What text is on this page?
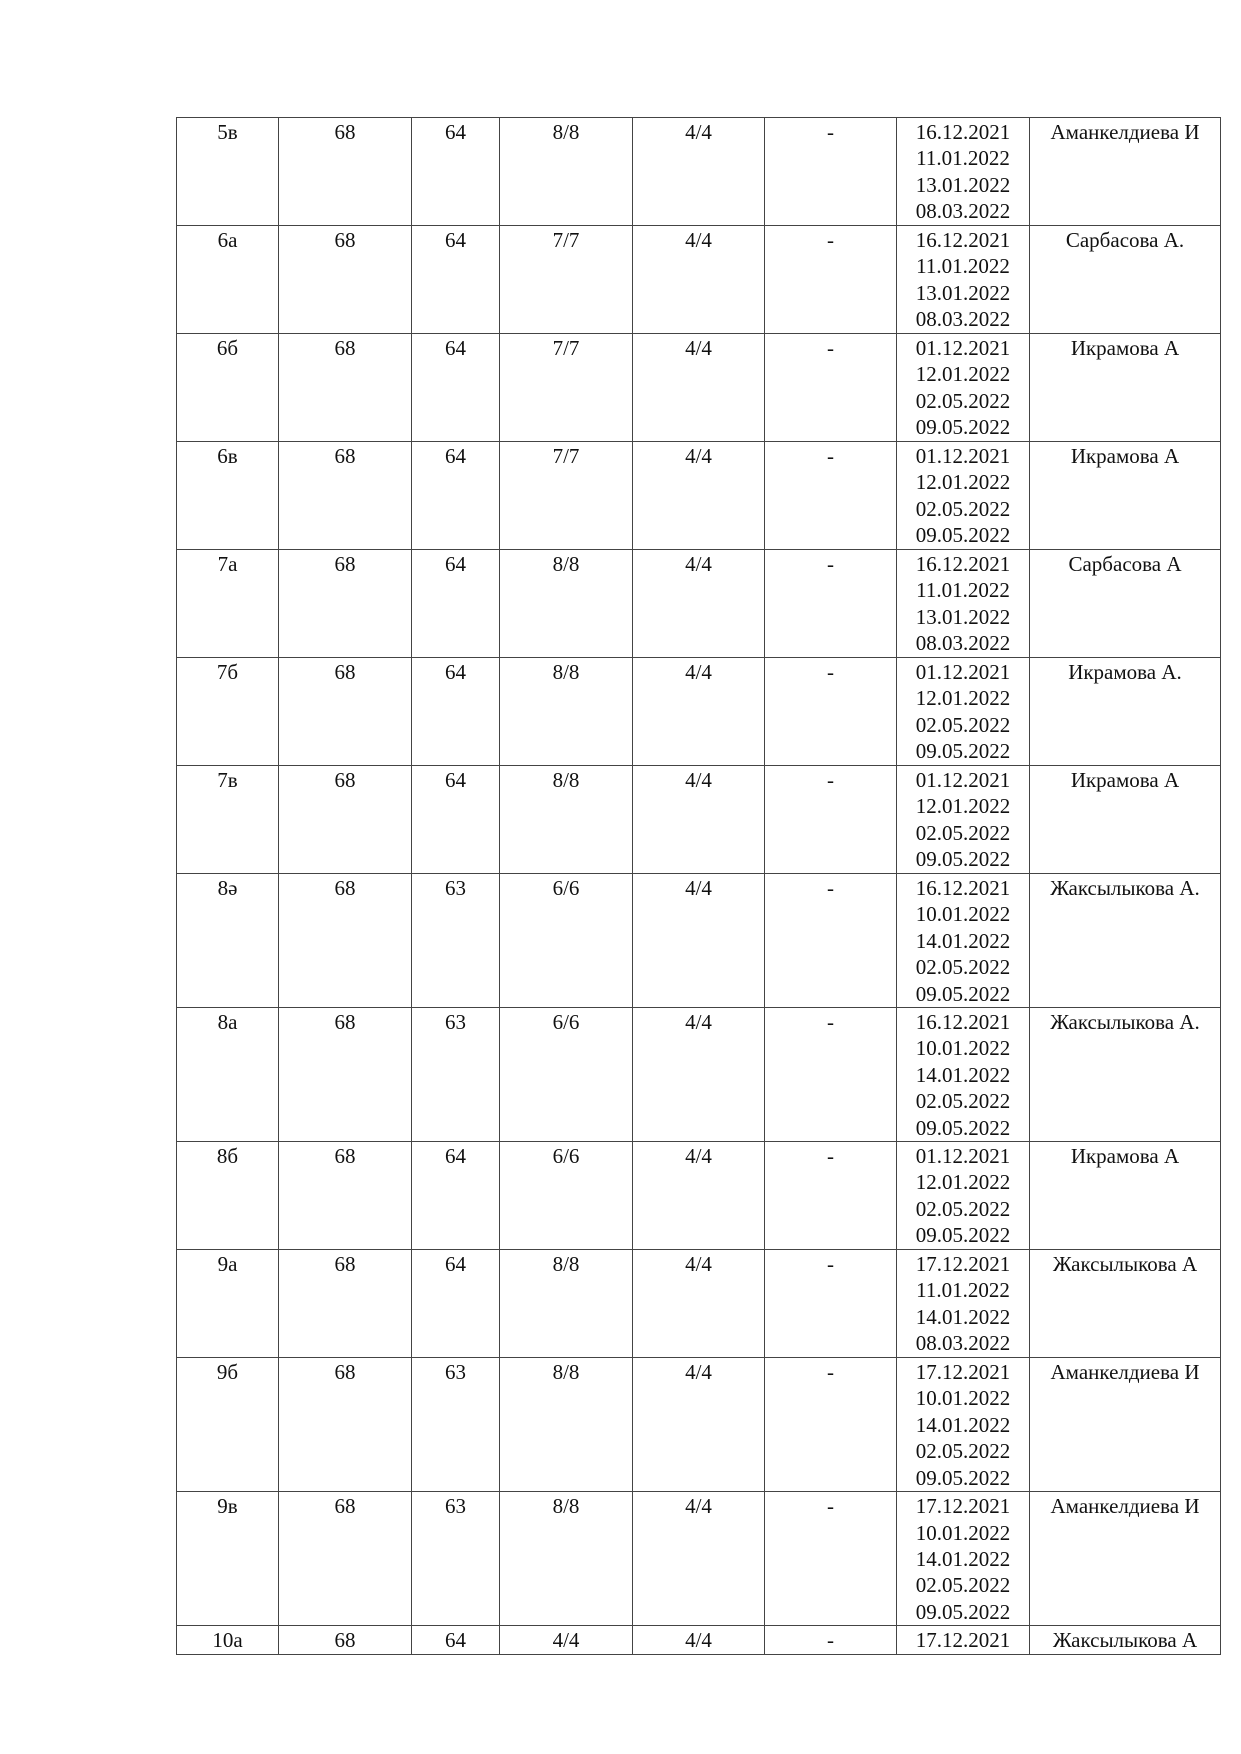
5в	68	64	8/8	4/4	-	16.12.2021
11.01.2022
13.01.2022
08.03.2022	Аманкелдиева И
6а	68	64	7/7	4/4	-	16.12.2021
11.01.2022
13.01.2022
08.03.2022	Сарбасова А.
6б	68	64	7/7	4/4	-	01.12.2021
12.01.2022
02.05.2022
09.05.2022	Икрамова А
6в	68	64	7/7	4/4	-	01.12.2021
12.01.2022
02.05.2022
09.05.2022	Икрамова А
7а	68	64	8/8	4/4	-	16.12.2021
11.01.2022
13.01.2022
08.03.2022	Сарбасова А
7б	68	64	8/8	4/4	-	01.12.2021
12.01.2022
02.05.2022
09.05.2022	Икрамова А.
7в	68	64	8/8	4/4	-	01.12.2021
12.01.2022
02.05.2022
09.05.2022	Икрамова А
8ә	68	63	6/6	4/4	-	16.12.2021
10.01.2022
14.01.2022
02.05.2022
09.05.2022	Жаксылыкова А.
8а	68	63	6/6	4/4	-	16.12.2021
10.01.2022
14.01.2022
02.05.2022
09.05.2022	Жаксылыкова А.
8б	68	64	6/6	4/4	-	01.12.2021
12.01.2022
02.05.2022
09.05.2022	Икрамова А
9а	68	64	8/8	4/4	-	17.12.2021
11.01.2022
14.01.2022
08.03.2022	Жаксылыкова А
9б	68	63	8/8	4/4	-	17.12.2021
10.01.2022
14.01.2022
02.05.2022
09.05.2022	Аманкелдиева И
9в	68	63	8/8	4/4	-	17.12.2021
10.01.2022
14.01.2022
02.05.2022
09.05.2022	Аманкелдиева И
10а	68	64	4/4	4/4	-	17.12.2021	Жаксылыкова А
